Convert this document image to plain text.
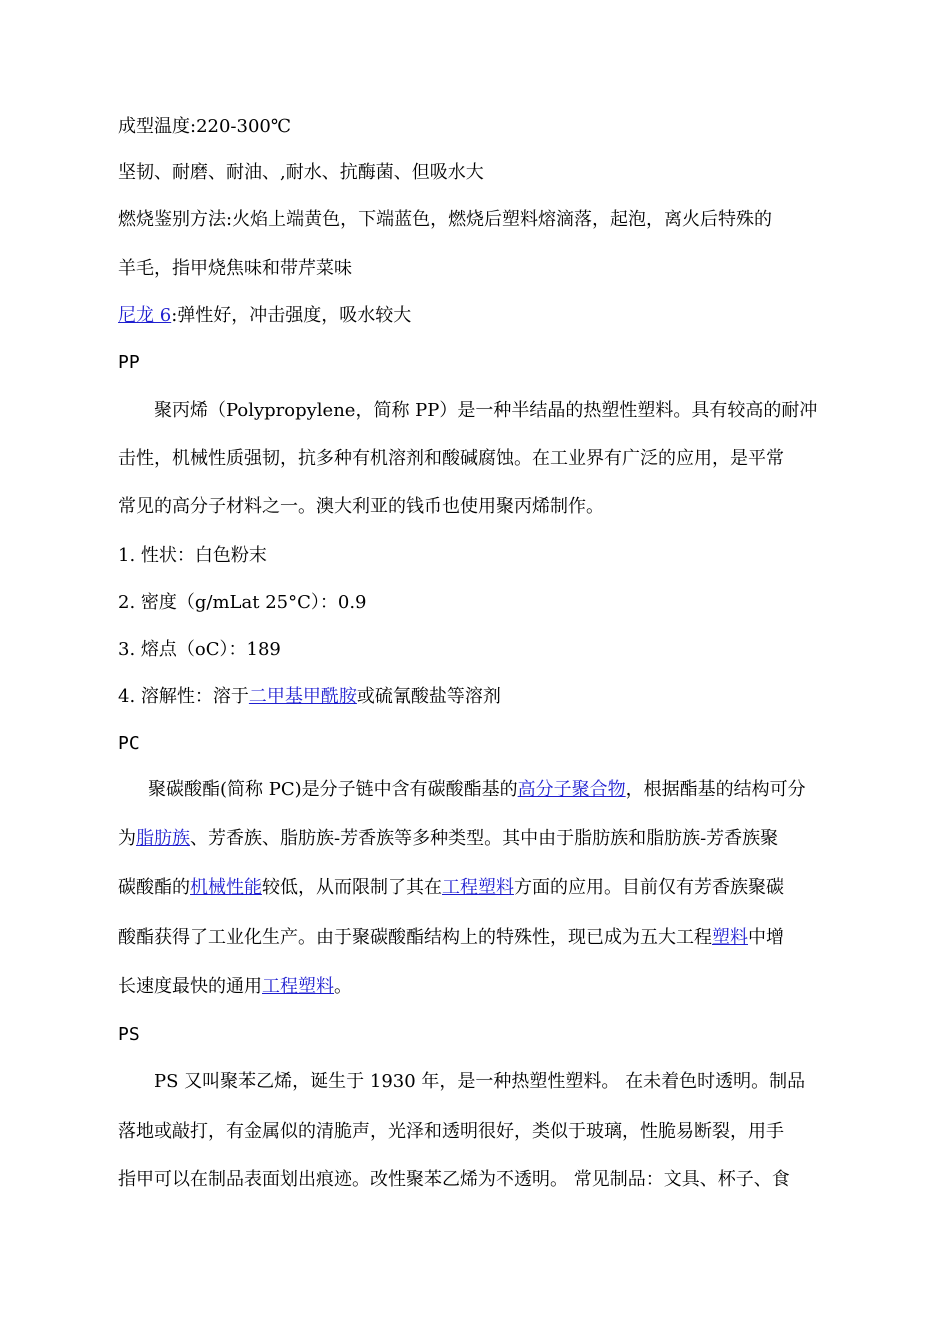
成型温度:220-300℃
坚韧、耐磨、耐油、,耐水、抗酶菌、但吸水大
燃烧鉴别方法:火焰上端黄色，下端蓝色，燃烧后塑料熔滴落，起泡，离火后特殊的
羊毛，指甲烧焦味和带芹菜味
尼龙 6:弹性好，冲击强度，吸水较大
PP
聚丙烯（Polypropylene，简称 PP）是一种半结晶的热塑性塑料。具有较高的耐冲
击性，机械性质强韧，抗多种有机溶剂和酸碱腐蚀。在工业界有广泛的应用，是平常
常见的高分子材料之一。澳大利亚的钱币也使用聚丙烯制作。
1. 性状：白色粉末
2. 密度（g/mLat 25°C）：0.9
3. 熔点（oC）：189
4. 溶解性：溶于二甲基甲酰胺或硫氰酸盐等溶剂
PC
聚碳酸酯(简称 PC)是分子链中含有碳酸酯基的高分子聚合物，根据酯基的结构可分
为脂肪族、芳香族、脂肪族-芳香族等多种类型。其中由于脂肪族和脂肪族-芳香族聚
碳酸酯的机械性能较低，从而限制了其在工程塑料方面的应用。目前仅有芳香族聚碳
酸酯获得了工业化生产。由于聚碳酸酯结构上的特殊性，现已成为五大工程塑料中增
长速度最快的通用工程塑料。
PS
PS 又叫聚苯乙烯，诞生于 1930 年，是一种热塑性塑料。 在未着色时透明。制品
落地或敲打，有金属似的清脆声，光泽和透明很好，类似于玻璃，性脆易断裂，用手
指甲可以在制品表面划出痕迹。改性聚苯乙烯为不透明。 常见制品：文具、杯子、食
